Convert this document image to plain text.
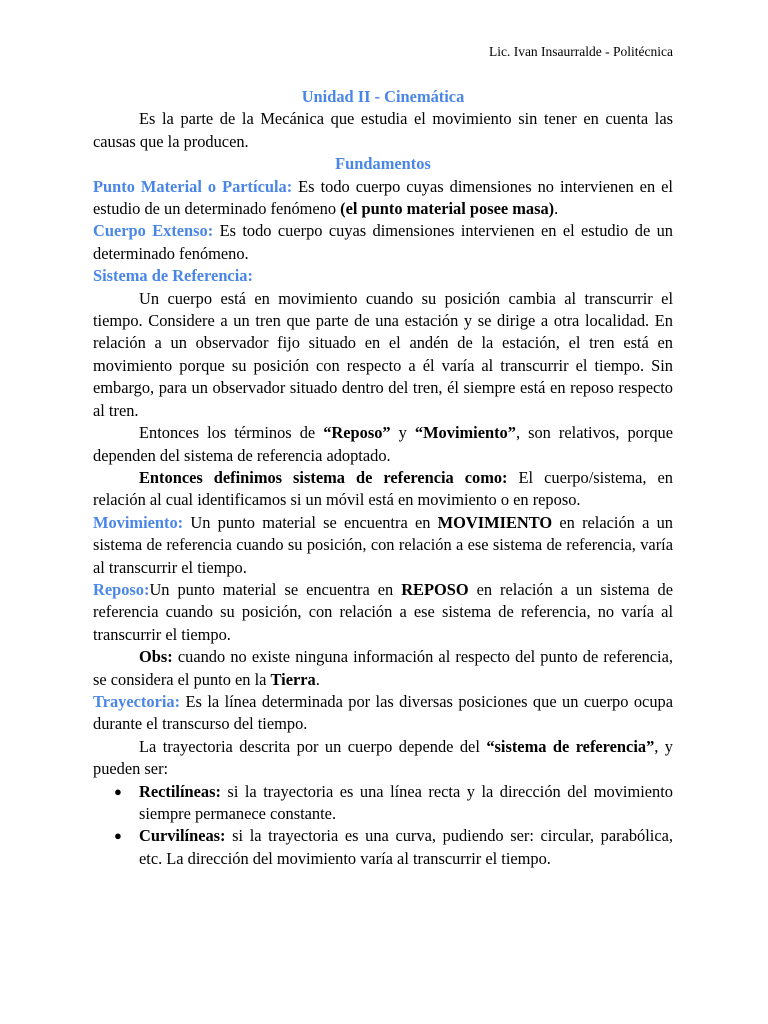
Lic. Ivan Insaurralde - Politécnica

Unidad II - Cinemática

Es la parte de la Mecánica que estudia el movimiento sin tener en cuenta las causas que la producen.

Fundamentos

Punto Material o Partícula: Es todo cuerpo cuyas dimensiones no intervienen en el estudio de un determinado fenómeno (el punto material posee masa).

Cuerpo Extenso: Es todo cuerpo cuyas dimensiones intervienen en el estudio de un determinado fenómeno.

Sistema de Referencia:

Un cuerpo está en movimiento cuando su posición cambia al transcurrir el tiempo. Considere a un tren que parte de una estación y se dirige a otra localidad. En relación a un observador fijo situado en el andén de la estación, el tren está en movimiento porque su posición con respecto a él varía al transcurrir el tiempo. Sin embargo, para un observador situado dentro del tren, él siempre está en reposo respecto al tren.

Entonces los términos de “Reposo” y “Movimiento”, son relativos, porque dependen del sistema de referencia adoptado.

Entonces definimos sistema de referencia como: El cuerpo/sistema, en relación al cual identificamos si un móvil está en movimiento o en reposo.

Movimiento: Un punto material se encuentra en MOVIMIENTO en relación a un sistema de referencia cuando su posición, con relación a ese sistema de referencia, varía al transcurrir el tiempo.

Reposo:Un punto material se encuentra en REPOSO en relación a un sistema de referencia cuando su posición, con relación a ese sistema de referencia, no varía al transcurrir el tiempo.

Obs: cuando no existe ninguna información al respecto del punto de referencia, se considera el punto en la Tierra.

Trayectoria: Es la línea determinada por las diversas posiciones que un cuerpo ocupa durante el transcurso del tiempo.

La trayectoria descrita por un cuerpo depende del “sistema de referencia”, y pueden ser:

● Rectilíneas: si la trayectoria es una línea recta y la dirección del movimiento siempre permanece constante.
● Curvilíneas: si la trayectoria es una curva, pudiendo ser: circular, parabólica, etc. La dirección del movimiento varía al transcurrir el tiempo.
